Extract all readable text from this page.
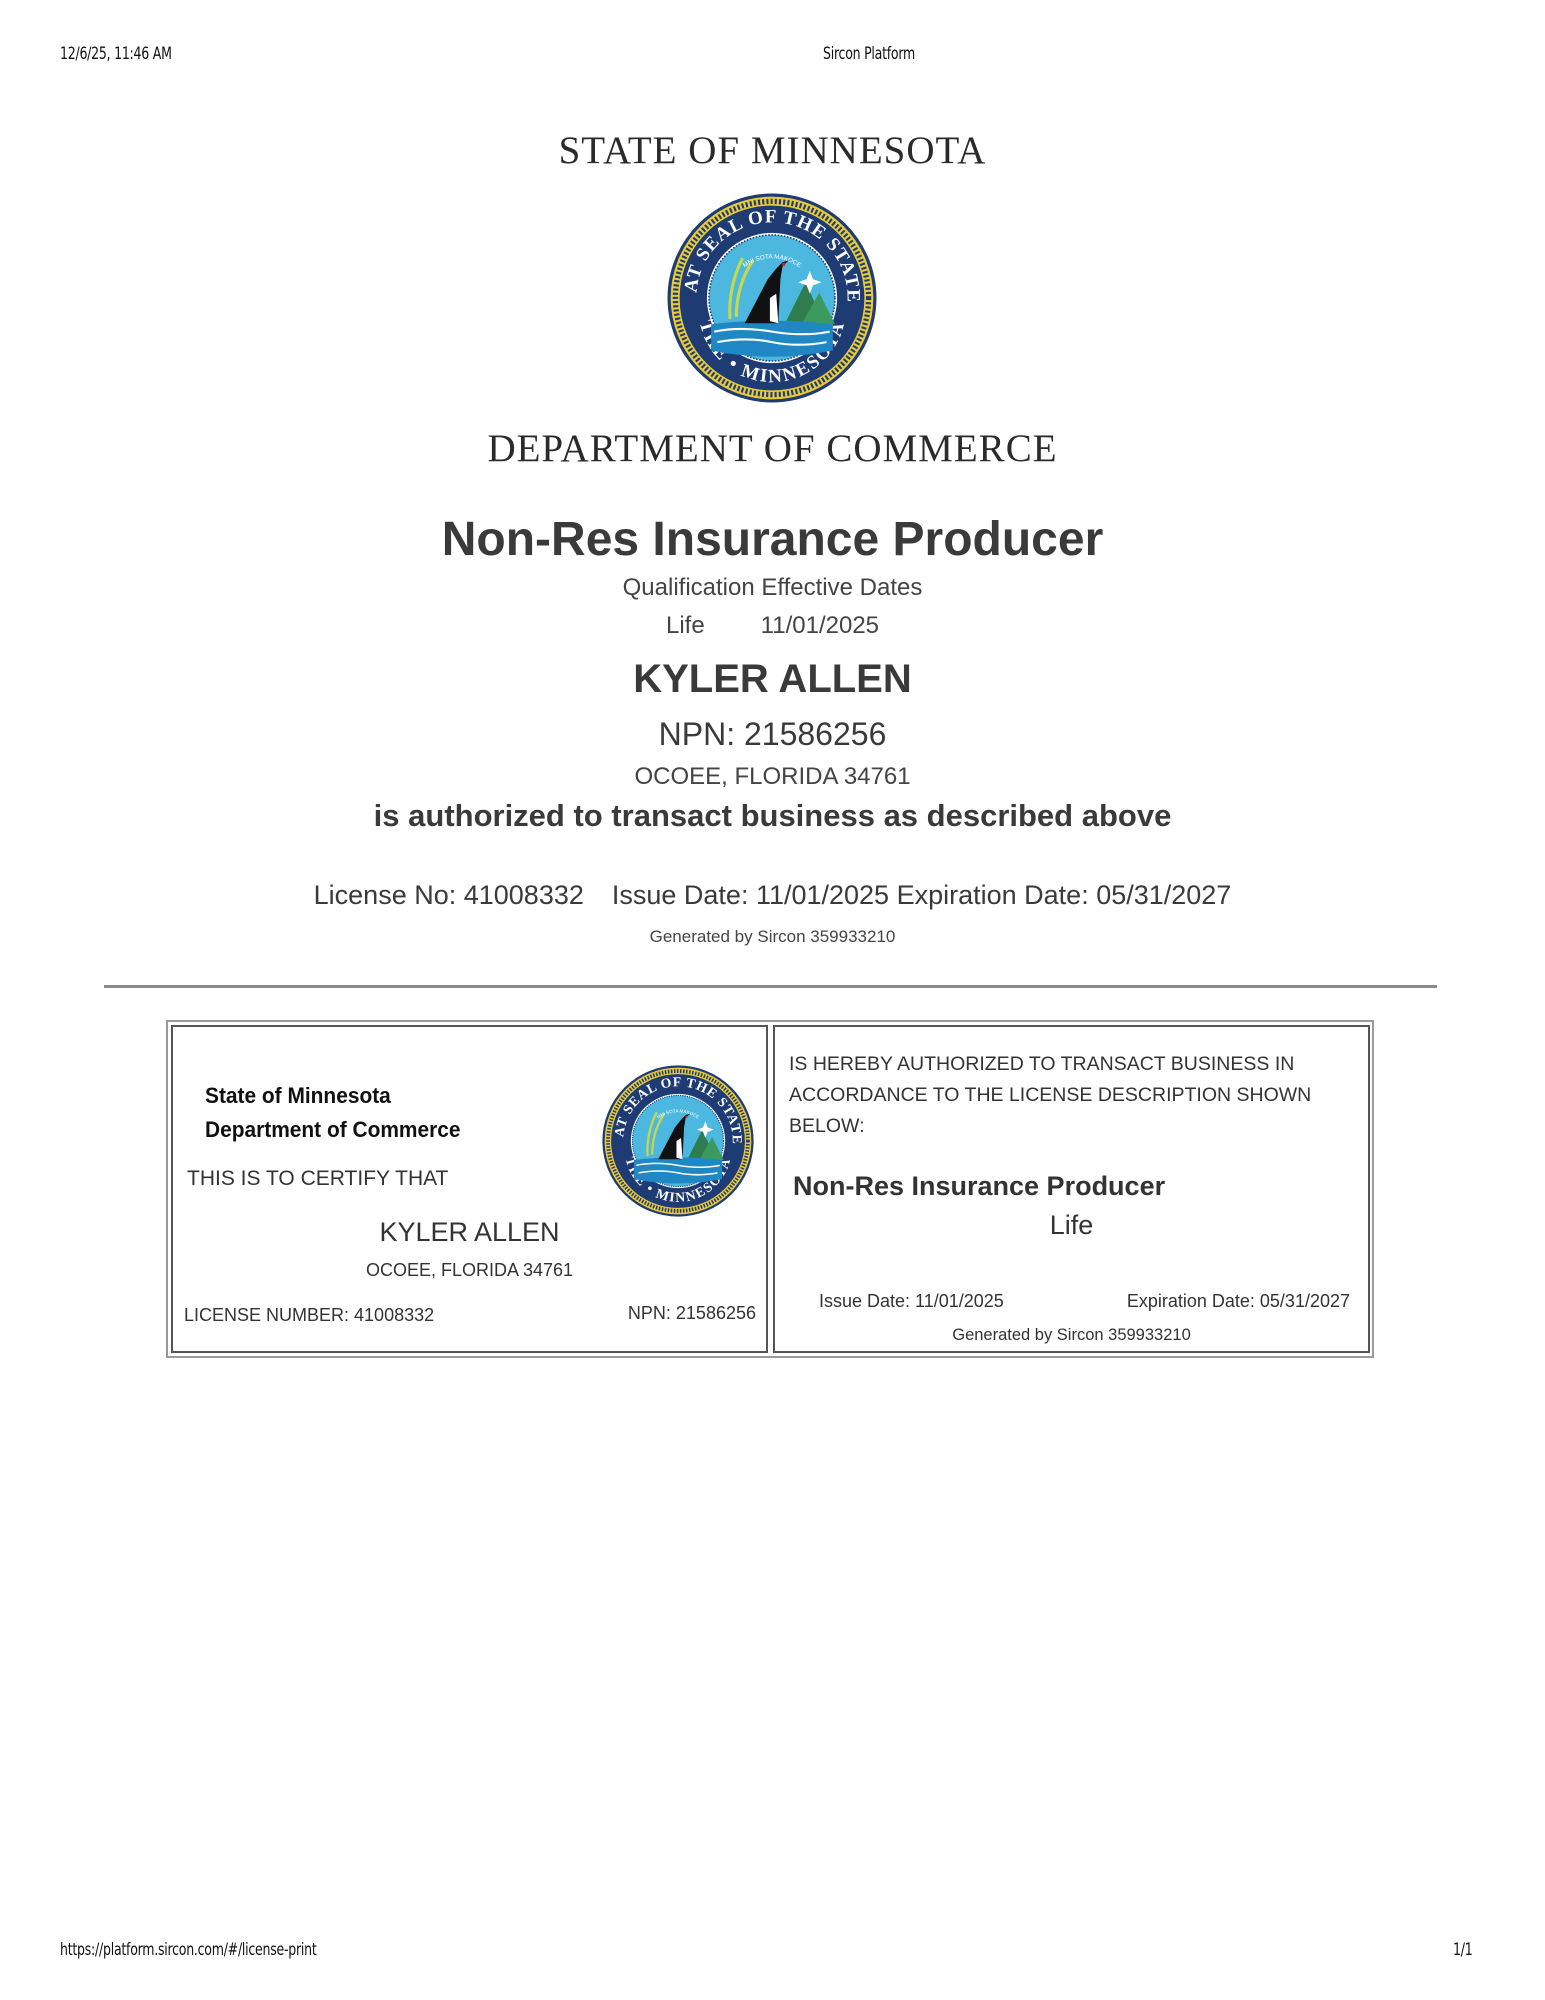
12/6/25, 11:46 AM	Sircon Platform
STATE OF MINNESOTA
DEPARTMENT OF COMMERCE
Non-Res Insurance Producer
Qualification Effective Dates
Life 11/01/2025
KYLER ALLEN
NPN: 21586256
OCOEE, FLORIDA 34761
is authorized to transact business as described above
License No: 41008332 Issue Date: 11/01/2025 Expiration Date: 05/31/2027
Generated by Sircon 359933210
State of Minnesota
Department of Commerce
THIS IS TO CERTIFY THAT
KYLER ALLEN
OCOEE, FLORIDA 34761
LICENSE NUMBER: 41008332	NPN: 21586256
IS HEREBY AUTHORIZED TO TRANSACT BUSINESS IN
ACCORDANCE TO THE LICENSE DESCRIPTION SHOWN
BELOW:
Non-Res Insurance Producer
Life
Issue Date: 11/01/2025	Expiration Date: 05/31/2027
Generated by Sircon 359933210
https://platform.sircon.com/#/license-print	1/1
